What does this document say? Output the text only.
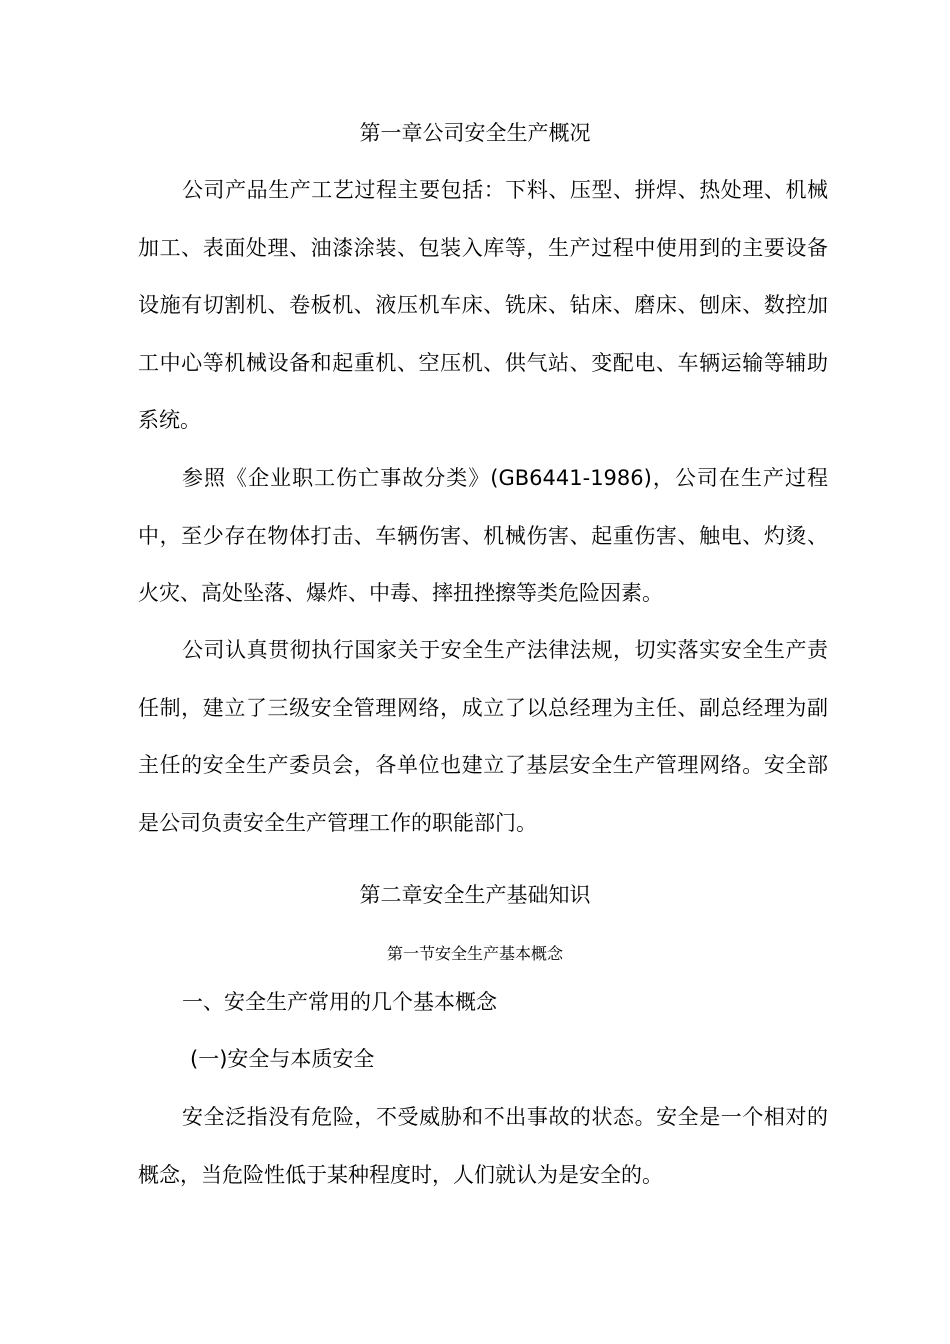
第一章公司安全生产概况

公司产品生产工艺过程主要包括：下料、压型、拼焊、热处理、机械加工、表面处理、油漆涂装、包装入库等，生产过程中使用到的主要设备设施有切割机、卷板机、液压机车床、铣床、钻床、磨床、刨床、数控加工中心等机械设备和起重机、空压机、供气站、变配电、车辆运输等辅助系统。

参照《企业职工伤亡事故分类》(GB6441-1986)，公司在生产过程中，至少存在物体打击、车辆伤害、机械伤害、起重伤害、触电、灼烫、火灾、高处坠落、爆炸、中毒、摔扭挫擦等类危险因素。

公司认真贯彻执行国家关于安全生产法律法规，切实落实安全生产责任制，建立了三级安全管理网络，成立了以总经理为主任、副总经理为副主任的安全生产委员会，各单位也建立了基层安全生产管理网络。安全部是公司负责安全生产管理工作的职能部门。

第二章安全生产基础知识
第一节安全生产基本概念
一、安全生产常用的几个基本概念
(一)安全与本质安全

安全泛指没有危险，不受威胁和不出事故的状态。安全是一个相对的概念，当危险性低于某种程度时，人们就认为是安全的。
